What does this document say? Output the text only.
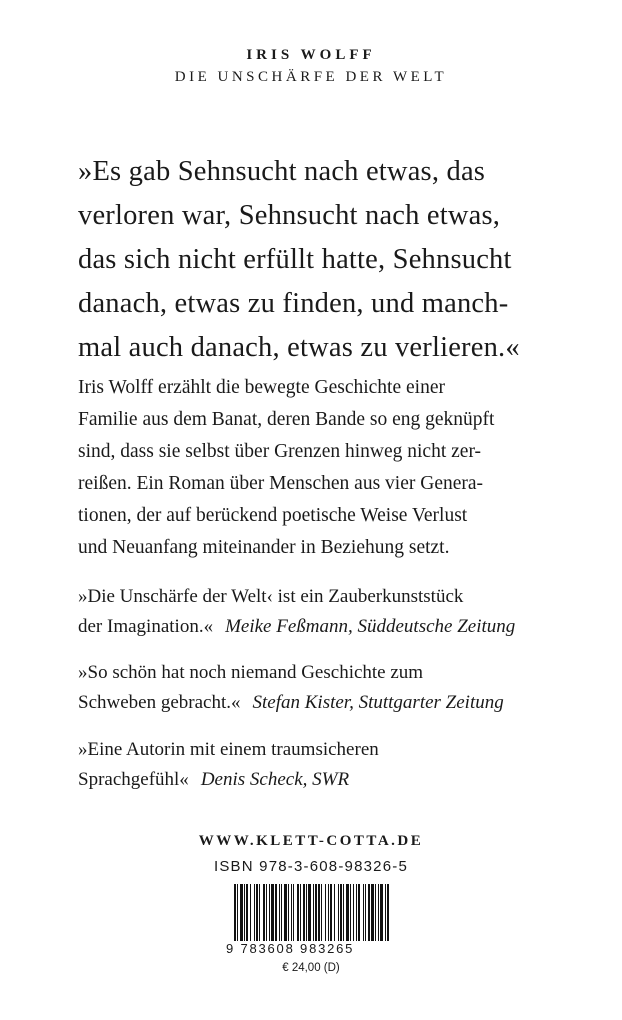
IRIS WOLFF
DIE UNSCHÄRFE DER WELT
»Es gab Sehnsucht nach etwas, das
verloren war, Sehnsucht nach etwas,
das sich nicht erfüllt hatte, Sehnsucht
danach, etwas zu finden, und manch-
mal auch danach, etwas zu verlieren.«
Iris Wolff erzählt die bewegte Geschichte einer
Familie aus dem Banat, deren Bande so eng geknüpft
sind, dass sie selbst über Grenzen hinweg nicht zer-
reißen. Ein Roman über Menschen aus vier Genera-
tionen, der auf berückend poetische Weise Verlust
und Neuanfang miteinander in Beziehung setzt.
»Die Unschärfe der Welt‹ ist ein Zauberkunststück
der Imagination.« Meike Feßmann, Süddeutsche Zeitung
»So schön hat noch niemand Geschichte zum
Schweben gebracht.« Stefan Kister, Stuttgarter Zeitung
»Eine Autorin mit einem traumsicheren
Sprachgefühl« Denis Scheck, SWR
WWW.KLETT-COTTA.DE
ISBN 978-3-608-98326-5
9 783608 983265
€ 24,00 (D)
